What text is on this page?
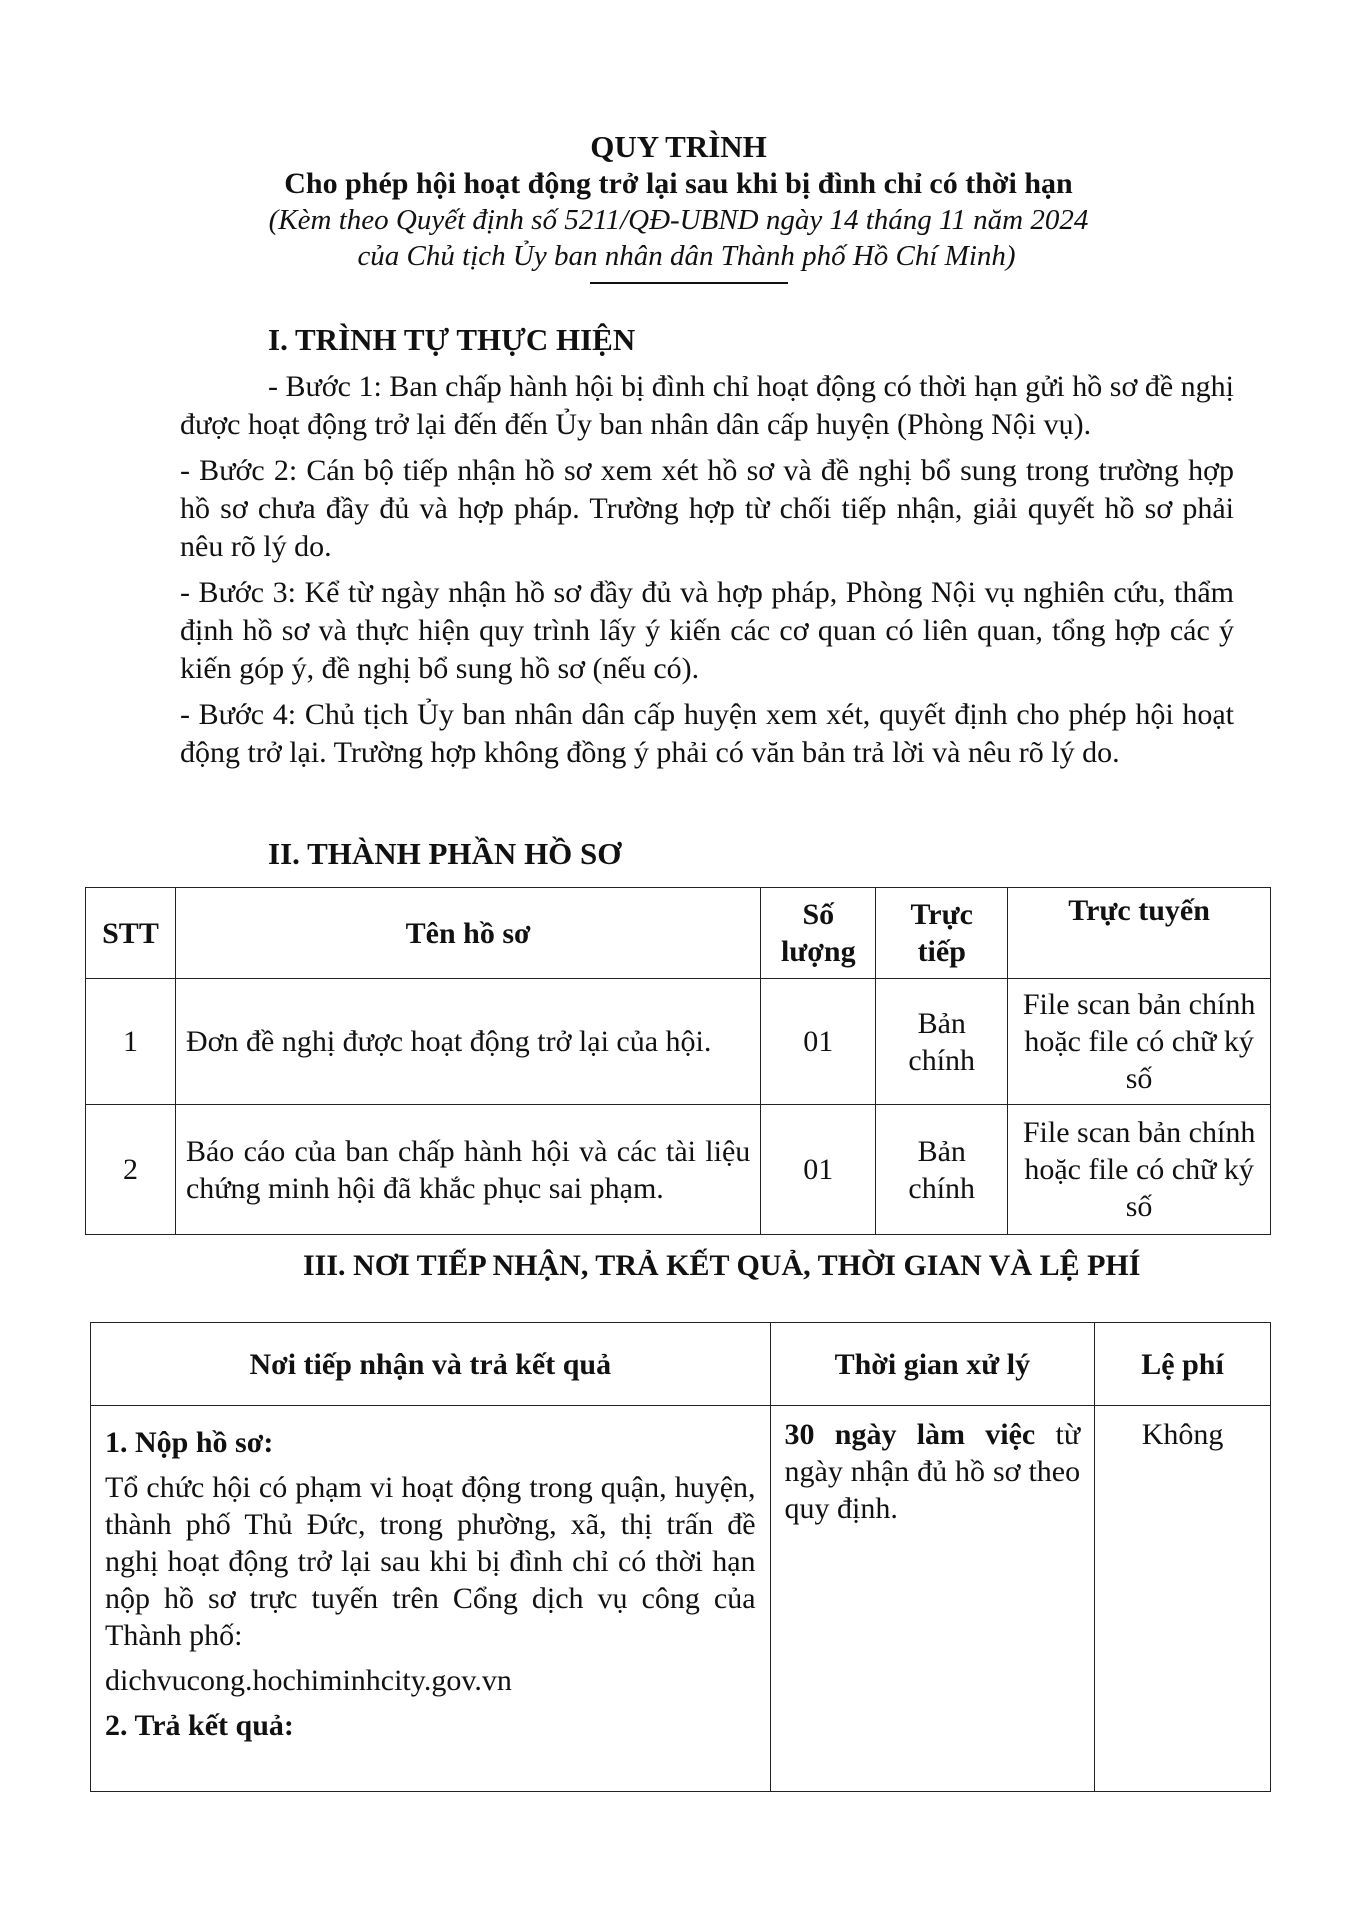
QUY TRÌNH

Cho phép hội hoạt động trở lại sau khi bị đình chỉ có thời hạn

(Kèm theo Quyết định số 5211/QĐ-UBND ngày 14 tháng 11 năm 2024

của Chủ tịch Ủy ban nhân dân Thành phố Hồ Chí Minh)

I. TRÌNH TỰ THỰC HIỆN

- Bước 1: Ban chấp hành hội bị đình chỉ hoạt động có thời hạn gửi hồ sơ đề nghị được hoạt động trở lại đến đến Ủy ban nhân dân cấp huyện (Phòng Nội vụ).

- Bước 2: Cán bộ tiếp nhận hồ sơ xem xét hồ sơ và đề nghị bổ sung trong trường hợp hồ sơ chưa đầy đủ và hợp pháp. Trường hợp từ chối tiếp nhận, giải quyết hồ sơ phải nêu rõ lý do.

- Bước 3: Kể từ ngày nhận hồ sơ đầy đủ và hợp pháp, Phòng Nội vụ nghiên cứu, thẩm định hồ sơ và thực hiện quy trình lấy ý kiến các cơ quan có liên quan, tổng hợp các ý kiến góp ý, đề nghị bổ sung hồ sơ (nếu có).

- Bước 4: Chủ tịch Ủy ban nhân dân cấp huyện xem xét, quyết định cho phép hội hoạt động trở lại. Trường hợp không đồng ý phải có văn bản trả lời và nêu rõ lý do.

II. THÀNH PHẦN HỒ SƠ

STT	Tên hồ sơ	Số lượng	Trực tiếp	Trực tuyến
1	Đơn đề nghị được hoạt động trở lại của hội.	01	Bản chính	File scan bản chính hoặc file có chữ ký số
2	Báo cáo của ban chấp hành hội và các tài liệu chứng minh hội đã khắc phục sai phạm.	01	Bản chính	File scan bản chính hoặc file có chữ ký số

III. NƠI TIẾP NHẬN, TRẢ KẾT QUẢ, THỜI GIAN VÀ LỆ PHÍ

Nơi tiếp nhận và trả kết quả	Thời gian xử lý	Lệ phí

1. Nộp hồ sơ:

Tổ chức hội có phạm vi hoạt động trong quận, huyện, thành phố Thủ Đức, trong phường, xã, thị trấn đề nghị hoạt động trở lại sau khi bị đình chỉ có thời hạn nộp hồ sơ trực tuyến trên Cổng dịch vụ công của Thành phố:

dichvucong.hochiminhcity.gov.vn

2. Trả kết quả:	30 ngày làm việc từ ngày nhận đủ hồ sơ theo quy định.	Không
